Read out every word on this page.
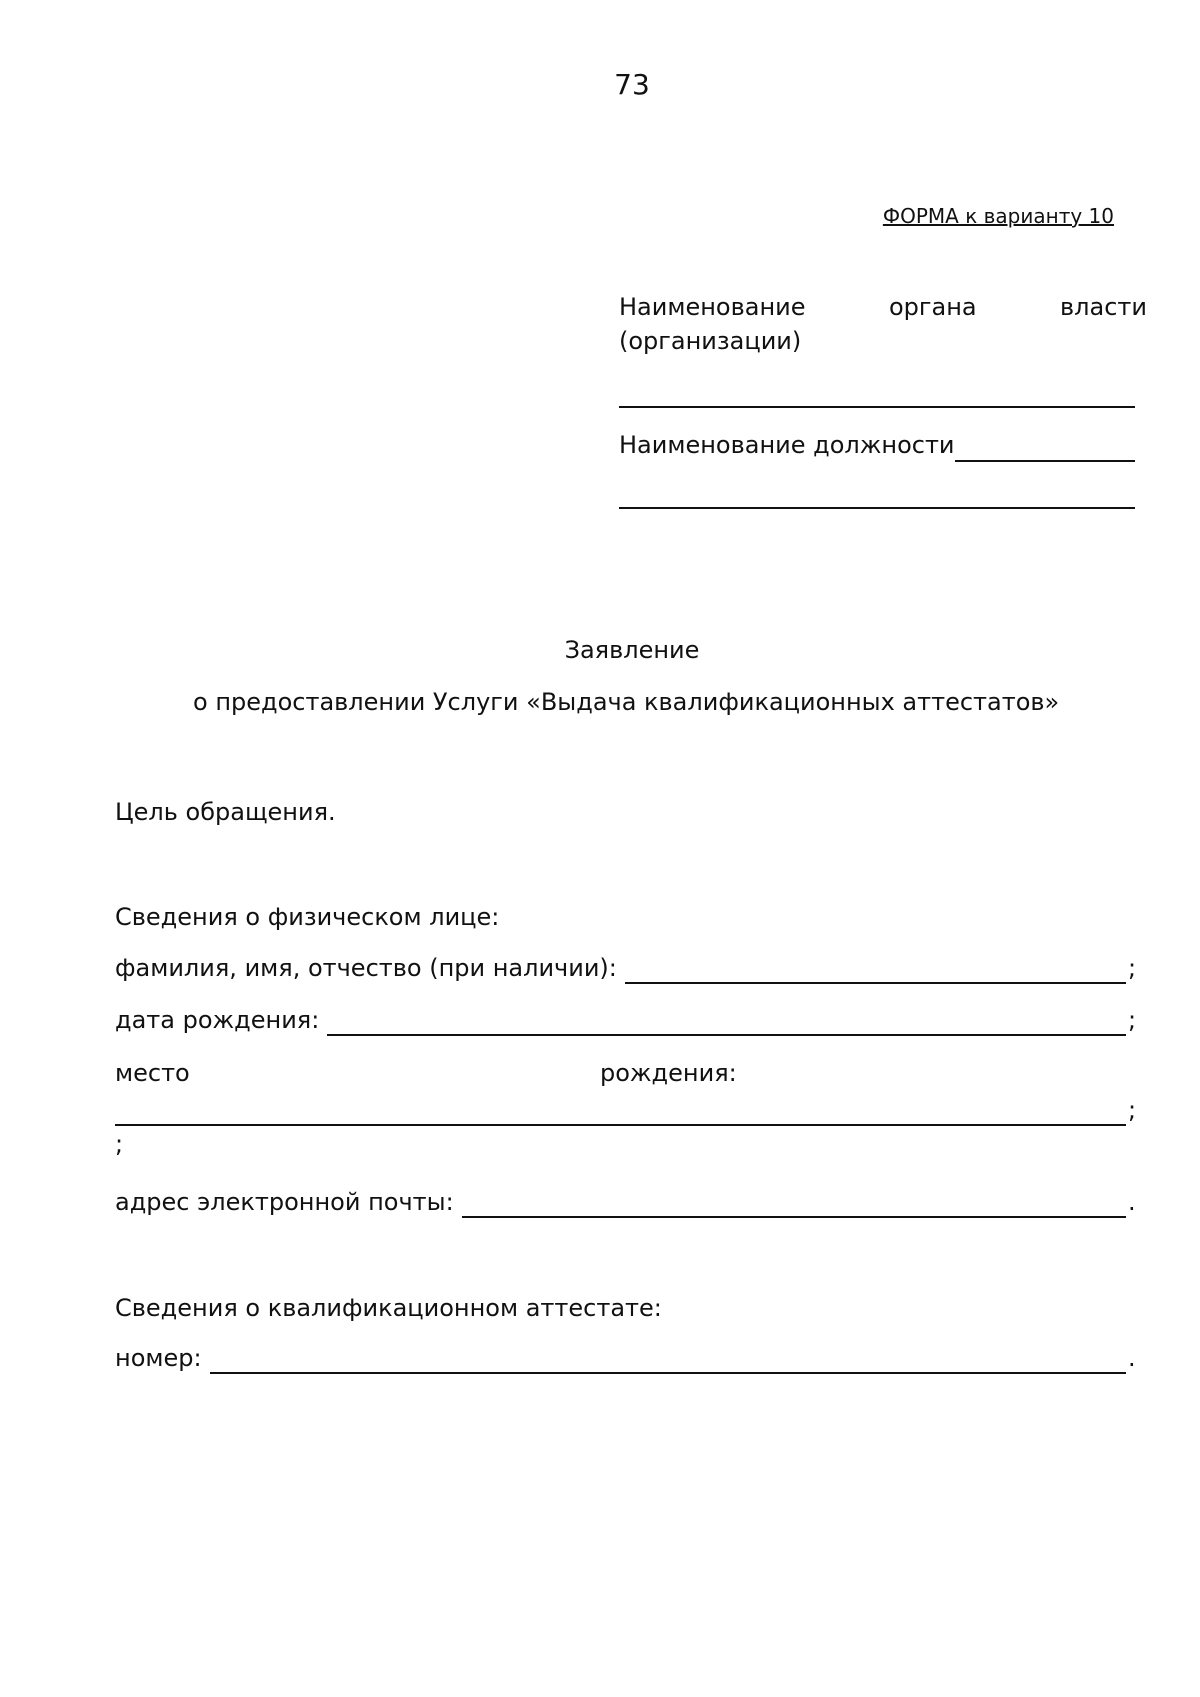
73
ФОРМА к варианту 10
Наименование	органа	власти
(организации)
Наименование должности
Заявление
о предоставлении Услуги «Выдача квалификационных аттестатов»
Цель обращения.
Сведения о физическом лице:
фамилия, имя, отчество (при наличии):	;
дата рождения:	;
место	рождения:
;
;
адрес электронной почты:	.
Сведения о квалификационном аттестате:
номер:	.
